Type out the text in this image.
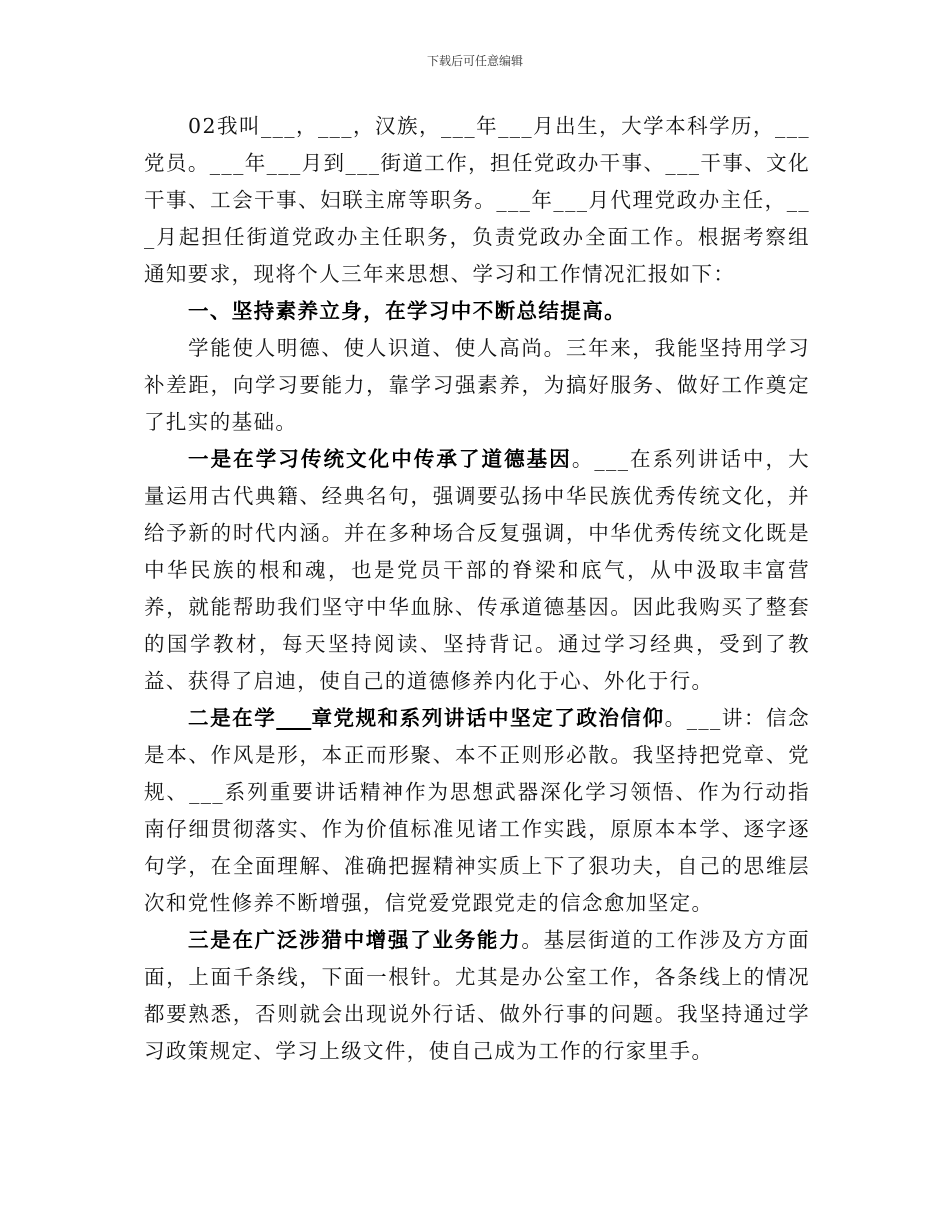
下载后可任意编辑

02我叫___，___，汉族，___年___月出生，大学本科学历，___党员。___年___月到___街道工作，担任党政办干事、___干事、文化干事、工会干事、妇联主席等职务。___年___月代理党政办主任，___月起担任街道党政办主任职务，负责党政办全面工作。根据考察组通知要求，现将个人三年来思想、学习和工作情况汇报如下：

一、坚持素养立身，在学习中不断总结提高。

学能使人明德、使人识道、使人高尚。三年来，我能坚持用学习补差距，向学习要能力，靠学习强素养，为搞好服务、做好工作奠定了扎实的基础。

一是在学习传统文化中传承了道德基因。___在系列讲话中，大量运用古代典籍、经典名句，强调要弘扬中华民族优秀传统文化，并给予新的时代内涵。并在多种场合反复强调，中华优秀传统文化既是中华民族的根和魂，也是党员干部的脊梁和底气，从中汲取丰富营养，就能帮助我们坚守中华血脉、传承道德基因。因此我购买了整套的国学教材，每天坚持阅读、坚持背记。通过学习经典，受到了教益、获得了启迪，使自己的道德修养内化于心、外化于行。

二是在学___章党规和系列讲话中坚定了政治信仰。___讲：信念是本、作风是形，本正而形聚、本不正则形必散。我坚持把党章、党规、___系列重要讲话精神作为思想武器深化学习领悟、作为行动指南仔细贯彻落实、作为价值标准见诸工作实践，原原本本学、逐字逐句学，在全面理解、准确把握精神实质上下了狠功夫，自己的思维层次和党性修养不断增强，信党爱党跟党走的信念愈加坚定。

三是在广泛涉猎中增强了业务能力。基层街道的工作涉及方方面面，上面千条线，下面一根针。尤其是办公室工作，各条线上的情况都要熟悉，否则就会出现说外行话、做外行事的问题。我坚持通过学习政策规定、学习上级文件，使自己成为工作的行家里手。
